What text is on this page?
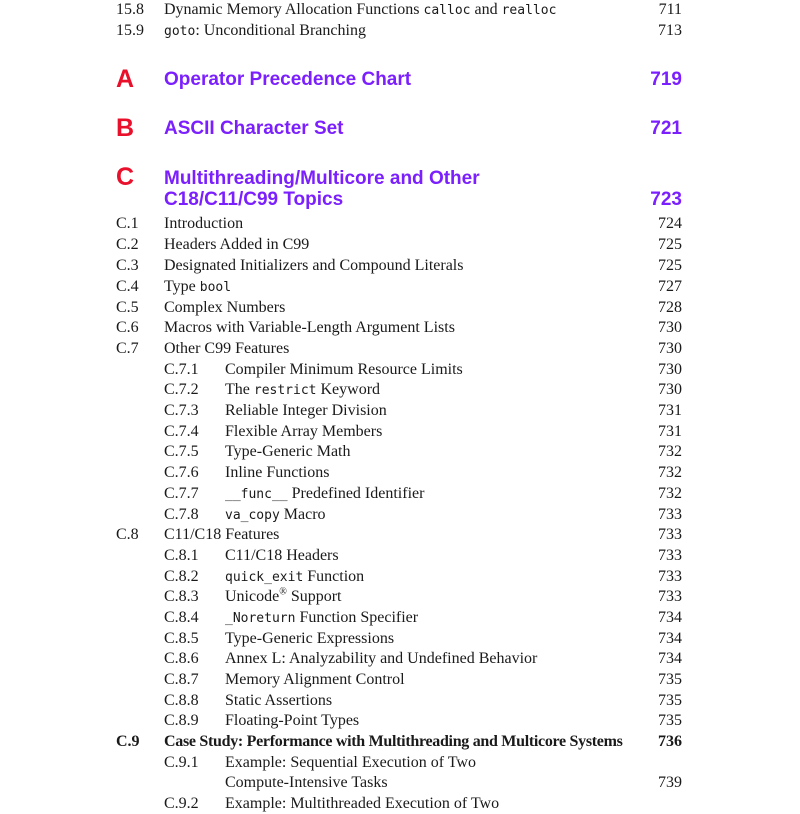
15.8 Dynamic Memory Allocation Functions calloc and realloc	711
15.9 goto: Unconditional Branching	713
A Operator Precedence Chart	719
B ASCII Character Set	721
C Multithreading/Multicore and Other
C18/C11/C99 Topics	723
C.1 Introduction	724
C.2 Headers Added in C99	725
C.3 Designated Initializers and Compound Literals	725
C.4 Type bool	727
C.5 Complex Numbers	728
C.6 Macros with Variable-Length Argument Lists	730
C.7 Other C99 Features	730
C.7.1 Compiler Minimum Resource Limits	730
C.7.2 The restrict Keyword	730
C.7.3 Reliable Integer Division	731
C.7.4 Flexible Array Members	731
C.7.5 Type-Generic Math	732
C.7.6 Inline Functions	732
C.7.7 __func__ Predefined Identifier	732
C.7.8 va_copy Macro	733
C.8 C11/C18 Features	733
C.8.1 C11/C18 Headers	733
C.8.2 quick_exit Function	733
C.8.3 Unicode® Support	733
C.8.4 _Noreturn Function Specifier	734
C.8.5 Type-Generic Expressions	734
C.8.6 Annex L: Analyzability and Undefined Behavior	734
C.8.7 Memory Alignment Control	735
C.8.8 Static Assertions	735
C.8.9 Floating-Point Types	735
C.9 Case Study: Performance with Multithreading and Multicore Systems 736
C.9.1 Example: Sequential Execution of Two
Compute-Intensive Tasks	739
C.9.2 Example: Multithreaded Execution of Two
